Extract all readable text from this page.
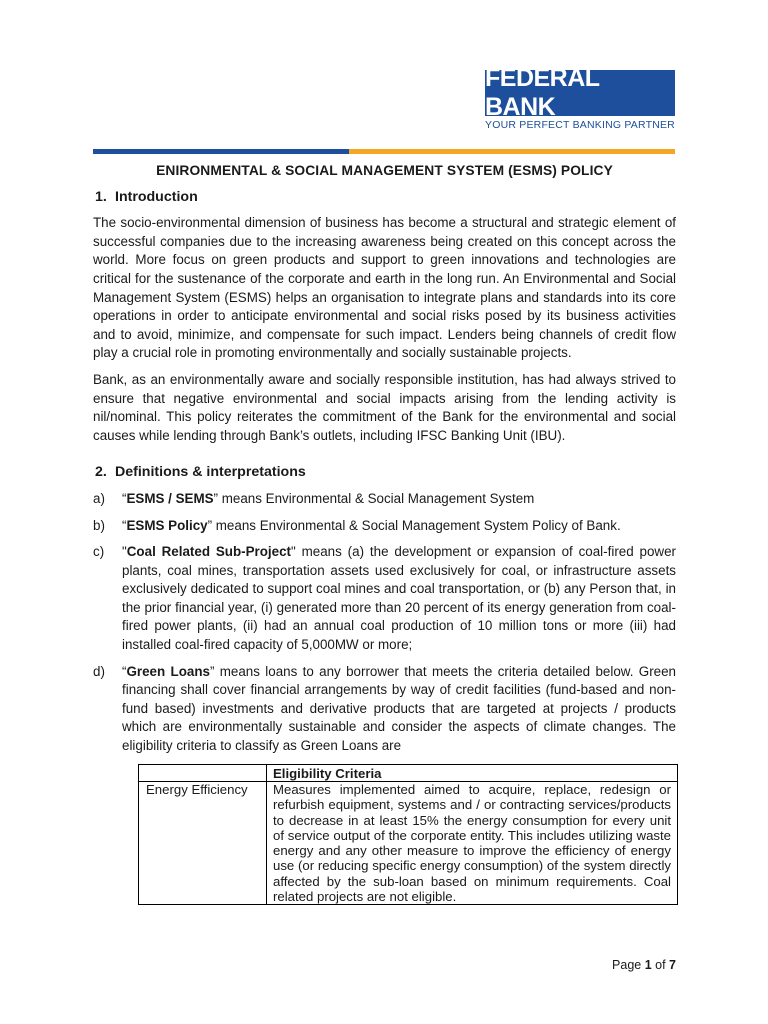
FEDERAL BANK
YOUR PERFECT BANKING PARTNER
ENIRONMENTAL & SOCIAL MANAGEMENT SYSTEM (ESMS) POLICY
1. Introduction

The socio-environmental dimension of business has become a structural and strategic element of successful companies due to the increasing awareness being created on this concept across the world. More focus on green products and support to green innovations and technologies are critical for the sustenance of the corporate and earth in the long run. An Environmental and Social Management System (ESMS) helps an organisation to integrate plans and standards into its core operations in order to anticipate environmental and social risks posed by its business activities and to avoid, minimize, and compensate for such impact. Lenders being channels of credit flow play a crucial role in promoting environmentally and socially sustainable projects.

Bank, as an environmentally aware and socially responsible institution, has had always strived to ensure that negative environmental and social impacts arising from the lending activity is nil/nominal. This policy reiterates the commitment of the Bank for the environmental and social causes while lending through Bank’s outlets, including IFSC Banking Unit (IBU).

2. Definitions & interpretations
a) “ESMS / SEMS” means Environmental & Social Management System
b) “ESMS Policy” means Environmental & Social Management System Policy of Bank.
c) "Coal Related Sub-Project" means (a) the development or expansion of coal-fired power plants, coal mines, transportation assets used exclusively for coal, or infrastructure assets exclusively dedicated to support coal mines and coal transportation, or (b) any Person that, in the prior financial year, (i) generated more than 20 percent of its energy generation from coal-fired power plants, (ii) had an annual coal production of 10 million tons or more (iii) had installed coal-fired capacity of 5,000MW or more;
d) “Green Loans” means loans to any borrower that meets the criteria detailed below. Green financing shall cover financial arrangements by way of credit facilities (fund-based and non-fund based) investments and derivative products that are targeted at projects / products which are environmentally sustainable and consider the aspects of climate changes. The eligibility criteria to classify as Green Loans are
	Eligibility Criteria
Energy Efficiency	Measures implemented aimed to acquire, replace, redesign or refurbish equipment, systems and / or contracting services/products to decrease in at least 15% the energy consumption for every unit of service output of the corporate entity. This includes utilizing waste energy and any other measure to improve the efficiency of energy use (or reducing specific energy consumption) of the system directly affected by the sub-loan based on minimum requirements. Coal related projects are not eligible.
Page 1 of 7
